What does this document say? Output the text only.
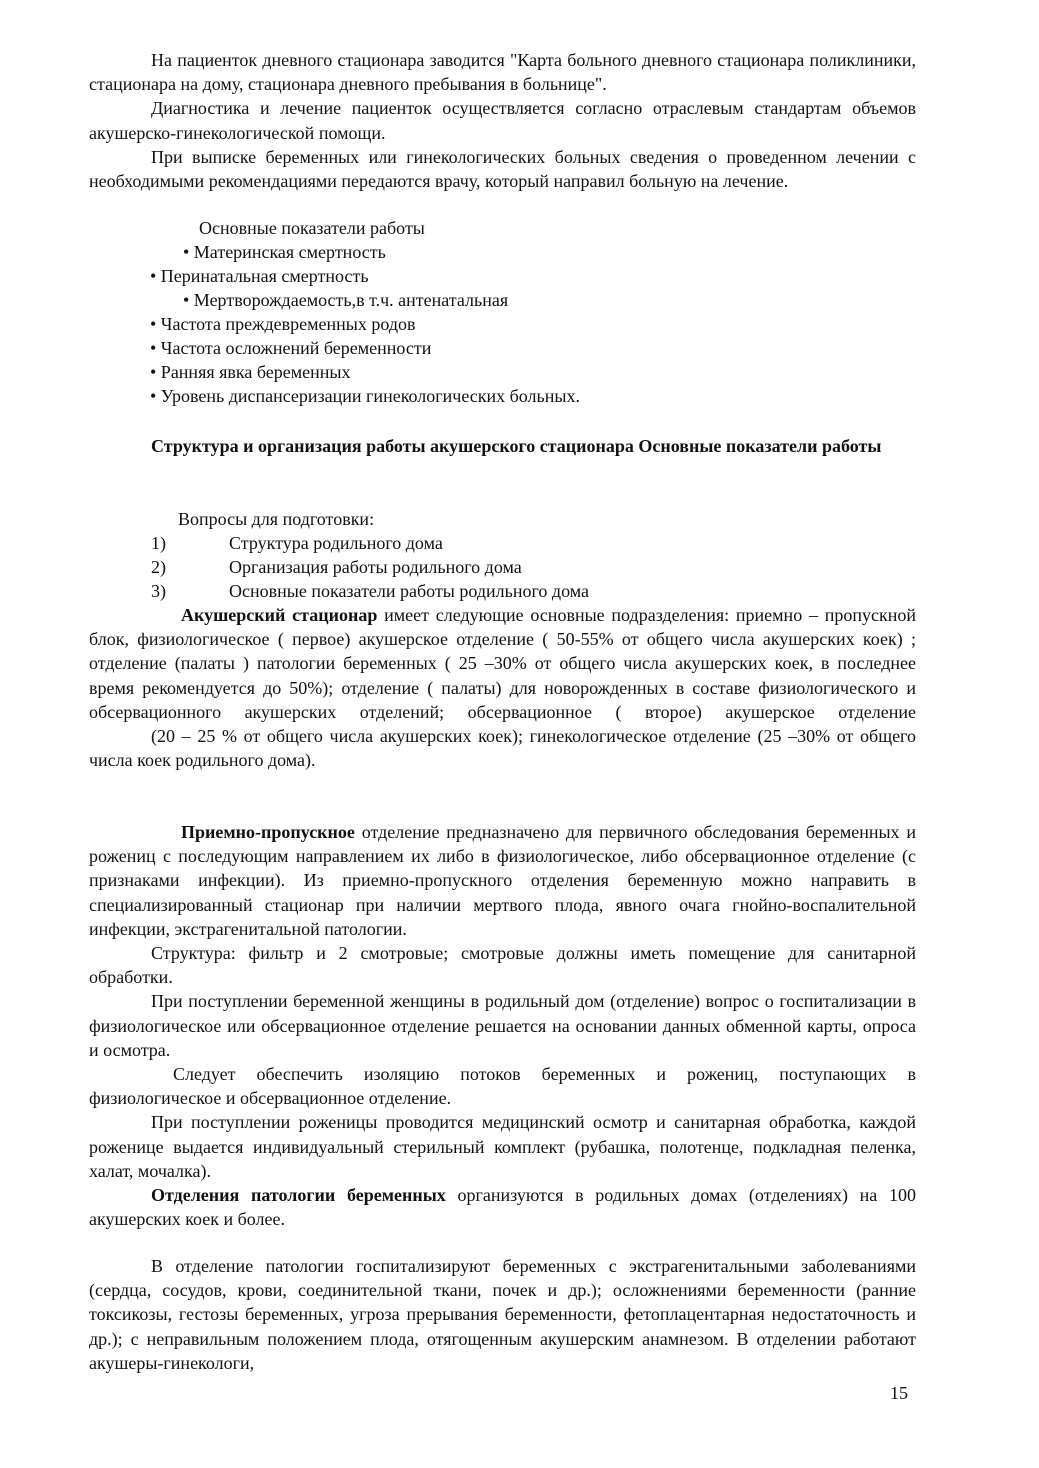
На пациенток дневного стационара заводится "Карта больного дневного стационара поликлиники, стационара на дому, стационара дневного пребывания в больнице".

Диагностика и лечение пациенток осуществляется согласно отраслевым стандартам объемов акушерско-гинекологической помощи.

При выписке беременных или гинекологических больных сведения о проведенном лечении с необходимыми рекомендациями передаются врачу, который направил больную на лечение.

Основные показатели работы
• Материнская смертность
• Перинатальная смертность
• Мертворождаемость,в т.ч. антенатальная
• Частота преждевременных родов
• Частота осложнений беременности
• Ранняя явка беременных
• Уровень диспансеризации гинекологических больных.

Структура и организация работы акушерского стационара Основные показатели работы

Вопросы для подготовки:
1)	Структура родильного дома
2)	Организация работы родильного дома
3)	Основные показатели работы родильного дома

Акушерский стационар имеет следующие основные подразделения: приемно – пропускной блок, физиологическое ( первое) акушерское отделение ( 50-55% от общего числа акушерских коек) ; отделение (палаты ) патологии беременных ( 25 –30% от общего числа акушерских коек, в последнее время рекомендуется до 50%); отделение ( палаты) для новорожденных в составе физиологического и обсервационного акушерских отделений; обсервационное ( второе) акушерское отделение

(20 – 25 % от общего числа акушерских коек); гинекологическое отделение (25 –30% от общего числа коек родильного дома).

Приемно-пропускное отделение предназначено для первичного обследования беременных и рожениц с последующим направлением их либо в физиологическое, либо обсервационное отделение (с признаками инфекции). Из приемно-пропускного отделения беременную можно направить в специализированный стационар при наличии мертвого плода, явного очага гнойно-воспалительной инфекции, экстрагенитальной патологии.

Структура: фильтр и 2 смотровые; смотровые должны иметь помещение для санитарной обработки.

При поступлении беременной женщины в родильный дом (отделение) вопрос о госпитализации в физиологическое или обсервационное отделение решается на основании данных обменной карты, опроса и осмотра.

Следует обеспечить изоляцию потоков беременных и рожениц, поступающих в физиологическое и обсервационное отделение.

При поступлении роженицы проводится медицинский осмотр и санитарная обработка, каждой роженице выдается индивидуальный стерильный комплект (рубашка, полотенце, подкладная пеленка, халат, мочалка).

Отделения патологии беременных организуются в родильных домах (отделениях) на 100 акушерских коек и более.

В отделение патологии госпитализируют беременных с экстрагенитальными заболеваниями (сердца, сосудов, крови, соединительной ткани, почек и др.); осложнениями беременности (ранние токсикозы, гестозы беременных, угроза прерывания беременности, фетоплацентарная недостаточность и др.); с неправильным положением плода, отягощенным акушерским анамнезом. В отделении работают акушеры-гинекологи,

15
